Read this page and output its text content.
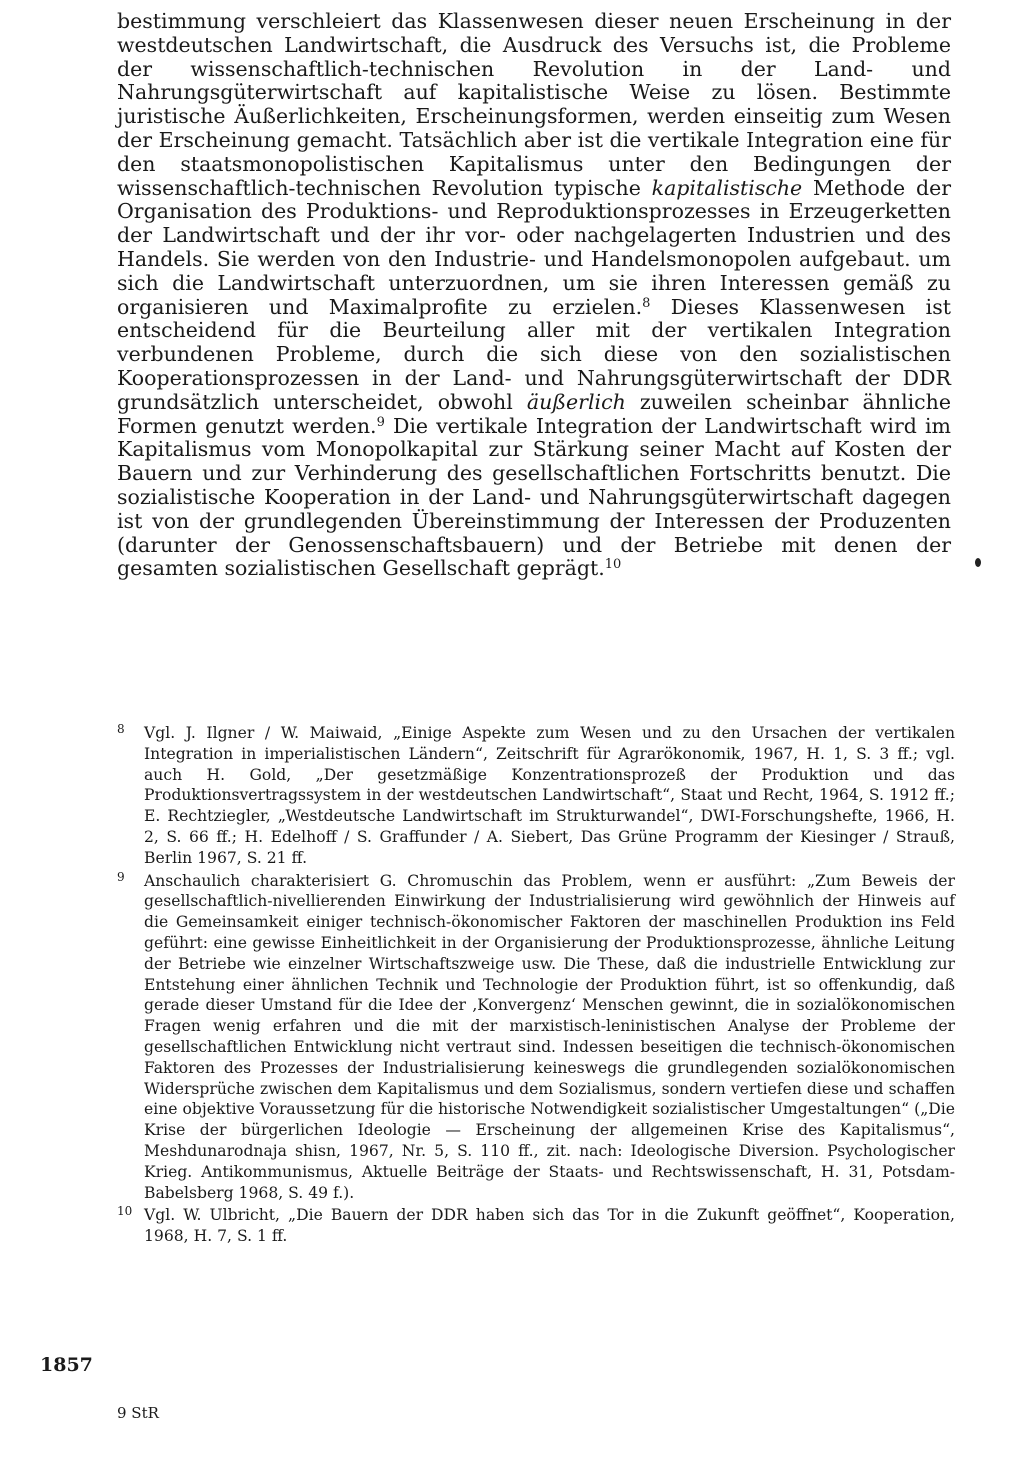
bestimmung verschleiert das Klassenwesen dieser neuen Erscheinung in der westdeutschen Landwirtschaft, die Ausdruck des Versuchs ist, die Probleme der wissenschaftlich-technischen Revolution in der Land- und Nahrungsgüterwirtschaft auf kapitalistische Weise zu lösen. Bestimmte juristische Äußerlichkeiten, Erscheinungsformen, werden einseitig zum Wesen der Erscheinung gemacht. Tatsächlich aber ist die vertikale Integration eine für den staatsmonopolistischen Kapitalismus unter den Bedingungen der wissenschaftlich-technischen Revolution typische kapitalistische Methode der Organisation des Produktions- und Reproduktionsprozesses in Erzeugerketten der Landwirtschaft und der ihr vor- oder nachgelagerten Industrien und des Handels. Sie werden von den Industrie- und Handelsmonopolen aufgebaut. um sich die Landwirtschaft unterzuordnen, um sie ihren Interessen gemäß zu organisieren und Maximalprofite zu erzielen.$^8$ Dieses Klassenwesen ist entscheidend für die Beurteilung aller mit der vertikalen Integration verbundenen Probleme, durch die sich diese von den sozialistischen Kooperationsprozessen in der Land- und Nahrungsgüterwirtschaft der DDR grundsätzlich unterscheidet, obwohl äußerlich zuweilen scheinbar ähnliche Formen genutzt werden.$^9$ Die vertikale Integration der Landwirtschaft wird im Kapitalismus vom Monopolkapital zur Stärkung seiner Macht auf Kosten der Bauern und zur Verhinderung des gesellschaftlichen Fortschritts benutzt. Die sozialistische Kooperation in der Land- und Nahrungsgüterwirtschaft dagegen ist von der grundlegenden Übereinstimmung der Interessen der Produzenten (darunter der Genossenschaftsbauern) und der Betriebe mit denen der gesamten sozialistischen Gesellschaft geprägt.$^{10}$

8 Vgl. J. Ilgner / W. Maiwaid, „Einige Aspekte zum Wesen und zu den Ursachen der vertikalen Integration in imperialistischen Ländern“, Zeitschrift für Agrarökonomik, 1967, H. 1, S. 3 ff.; vgl. auch H. Gold, „Der gesetzmäßige Konzentrationsprozeß der Produktion und das Produktionsvertragssystem in der westdeutschen Landwirtschaft“, Staat und Recht, 1964, S. 1912 ff.; E. Rechtziegler, „Westdeutsche Landwirtschaft im Strukturwandel“, DWI-Forschungshefte, 1966, H. 2, S. 66 ff.; H. Edelhoff / S. Graffunder / A. Siebert, Das Grüne Programm der Kiesinger / Strauß, Berlin 1967, S. 21 ff.
9 Anschaulich charakterisiert G. Chromuschin das Problem, wenn er ausführt: „Zum Beweis der gesellschaftlich-nivellierenden Einwirkung der Industrialisierung wird gewöhnlich der Hinweis auf die Gemeinsamkeit einiger technisch-ökonomischer Faktoren der maschinellen Produktion ins Feld geführt: eine gewisse Einheitlichkeit in der Organisierung der Produktionsprozesse, ähnliche Leitung der Betriebe wie einzelner Wirtschaftszweige usw. Die These, daß die industrielle Entwicklung zur Entstehung einer ähnlichen Technik und Technologie der Produktion führt, ist so offenkundig, daß gerade dieser Umstand für die Idee der ‚Konvergenz‘ Menschen gewinnt, die in sozialökonomischen Fragen wenig erfahren und die mit der marxistisch-leninistischen Analyse der Probleme der gesellschaftlichen Entwicklung nicht vertraut sind. Indessen beseitigen die technisch-ökonomischen Faktoren des Prozesses der Industrialisierung keineswegs die grundlegenden sozialökonomischen Widersprüche zwischen dem Kapitalismus und dem Sozialismus, sondern vertiefen diese und schaffen eine objektive Voraussetzung für die historische Notwendigkeit sozialistischer Umgestaltungen“ („Die Krise der bürgerlichen Ideologie — Erscheinung der allgemeinen Krise des Kapitalismus“, Meshdunarodnaja shisn, 1967, Nr. 5, S. 110 ff., zit. nach: Ideologische Diversion. Psychologischer Krieg. Antikommunismus, Aktuelle Beiträge der Staats- und Rechtswissenschaft, H. 31, Potsdam-Babelsberg 1968, S. 49 f.).
10 Vgl. W. Ulbricht, „Die Bauern der DDR haben sich das Tor in die Zukunft geöffnet“, Kooperation, 1968, H. 7, S. 1 ff.
1857
9 StR
